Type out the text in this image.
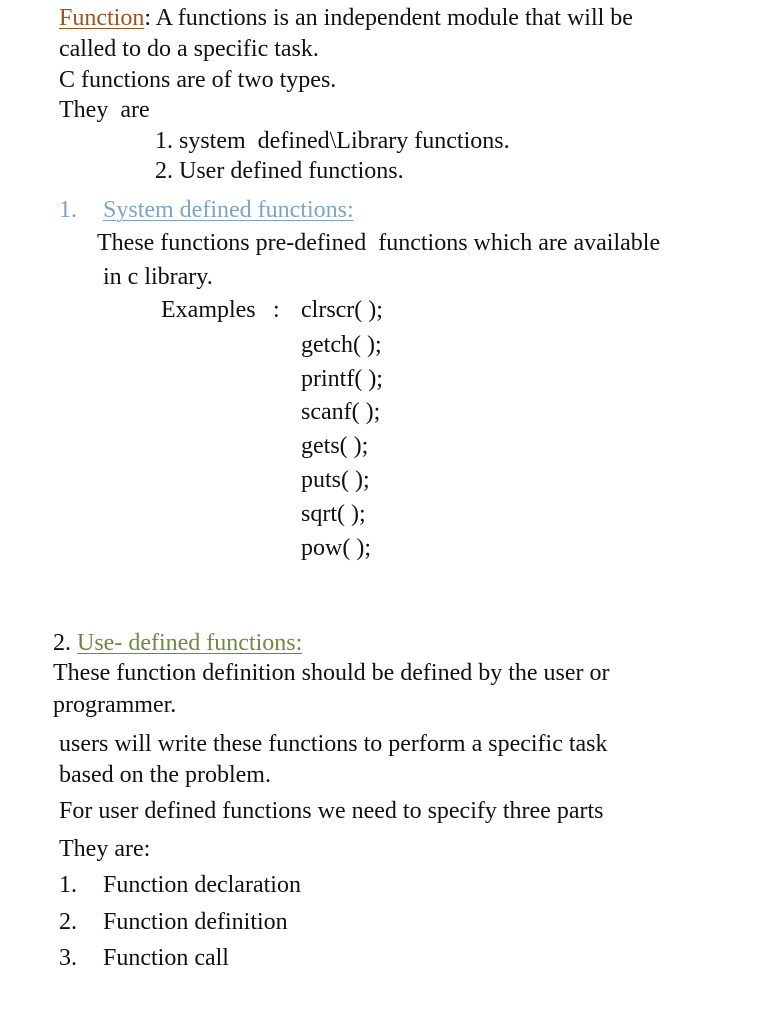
Function: A functions is an independent module that will be
called to do a specific task.
C functions are of two types.
They  are
1. system  defined\Library functions.
2. User defined functions.
1. System defined functions:
These functions pre-defined  functions which are available
in c library.
Examples : clrscr( );
getch( );
printf( );
scanf( );
gets( );
puts( );
sqrt( );
pow( );
2. Use- defined functions:
These function definition should be defined by the user or
programmer.
users will write these functions to perform a specific task
based on the problem.
For user defined functions we need to specify three parts
They are:
1. Function declaration
2. Function definition
3. Function call
